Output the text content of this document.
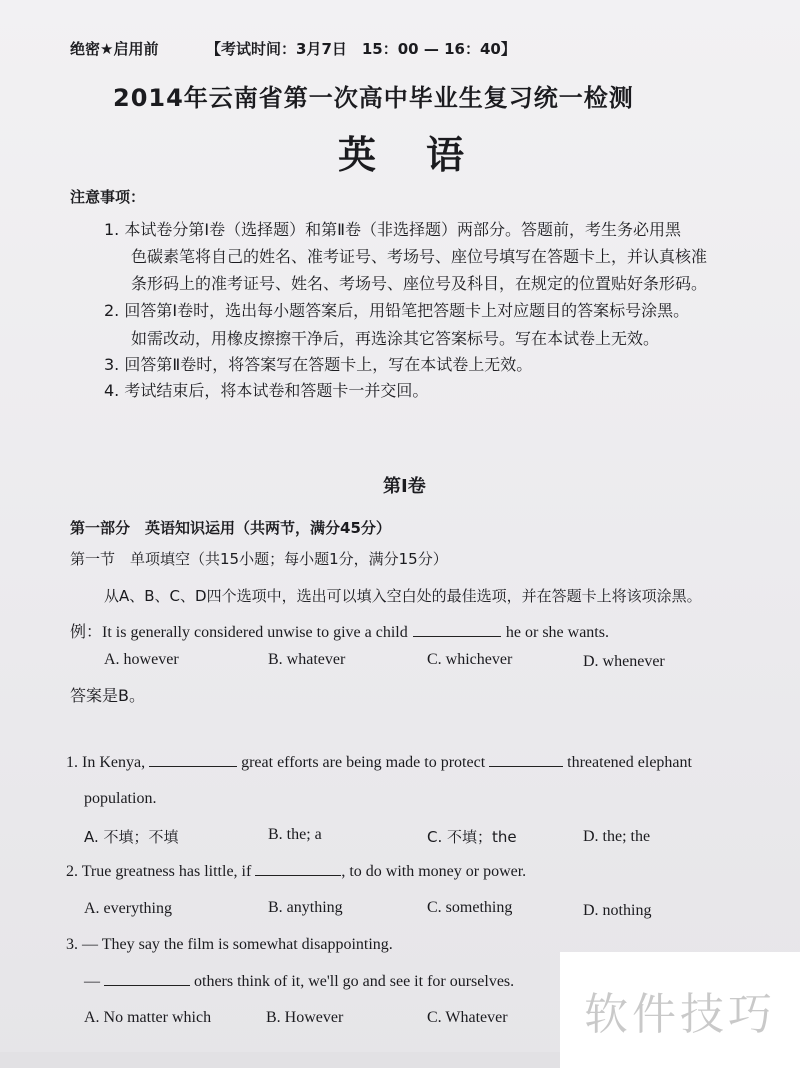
绝密★启用前	【考试时间：3月7日　15：00 — 16：40】
2014年云南省第一次高中毕业生复习统一检测
英　语
注意事项：
1. 本试卷分第Ⅰ卷（选择题）和第Ⅱ卷（非选择题）两部分。答题前，考生务必用黑
色碳素笔将自己的姓名、准考证号、考场号、座位号填写在答题卡上，并认真核准
条形码上的准考证号、姓名、考场号、座位号及科目，在规定的位置贴好条形码。
2. 回答第Ⅰ卷时，选出每小题答案后，用铅笔把答题卡上对应题目的答案标号涂黑。
如需改动，用橡皮擦擦干净后，再选涂其它答案标号。写在本试卷上无效。
3. 回答第Ⅱ卷时，将答案写在答题卡上，写在本试卷上无效。
4. 考试结束后，将本试卷和答题卡一并交回。
第Ⅰ卷
第一部分　英语知识运用（共两节，满分45分）
第一节　单项填空（共15小题；每小题1分，满分15分）
从A、B、C、D四个选项中，选出可以填入空白处的最佳选项，并在答题卡上将该项涂黑。
例：It is generally considered unwise to give a child	he or she wants.
A. however	B. whatever	C. whichever	D. whenever
答案是B。
1. In Kenya,	great efforts are being made to protect	threatened elephant
population.
A. 不填；不填	B. the; a	C. 不填；the	D. the; the
2. True greatness has little, if	, to do with money or power.
A. everything	B. anything	C. something	D. nothing
3. — They say the film is somewhat disappointing.
—	others think of it, we'll go and see it for ourselves.
A. No matter which	B. However	C. Whatever 软件技巧
